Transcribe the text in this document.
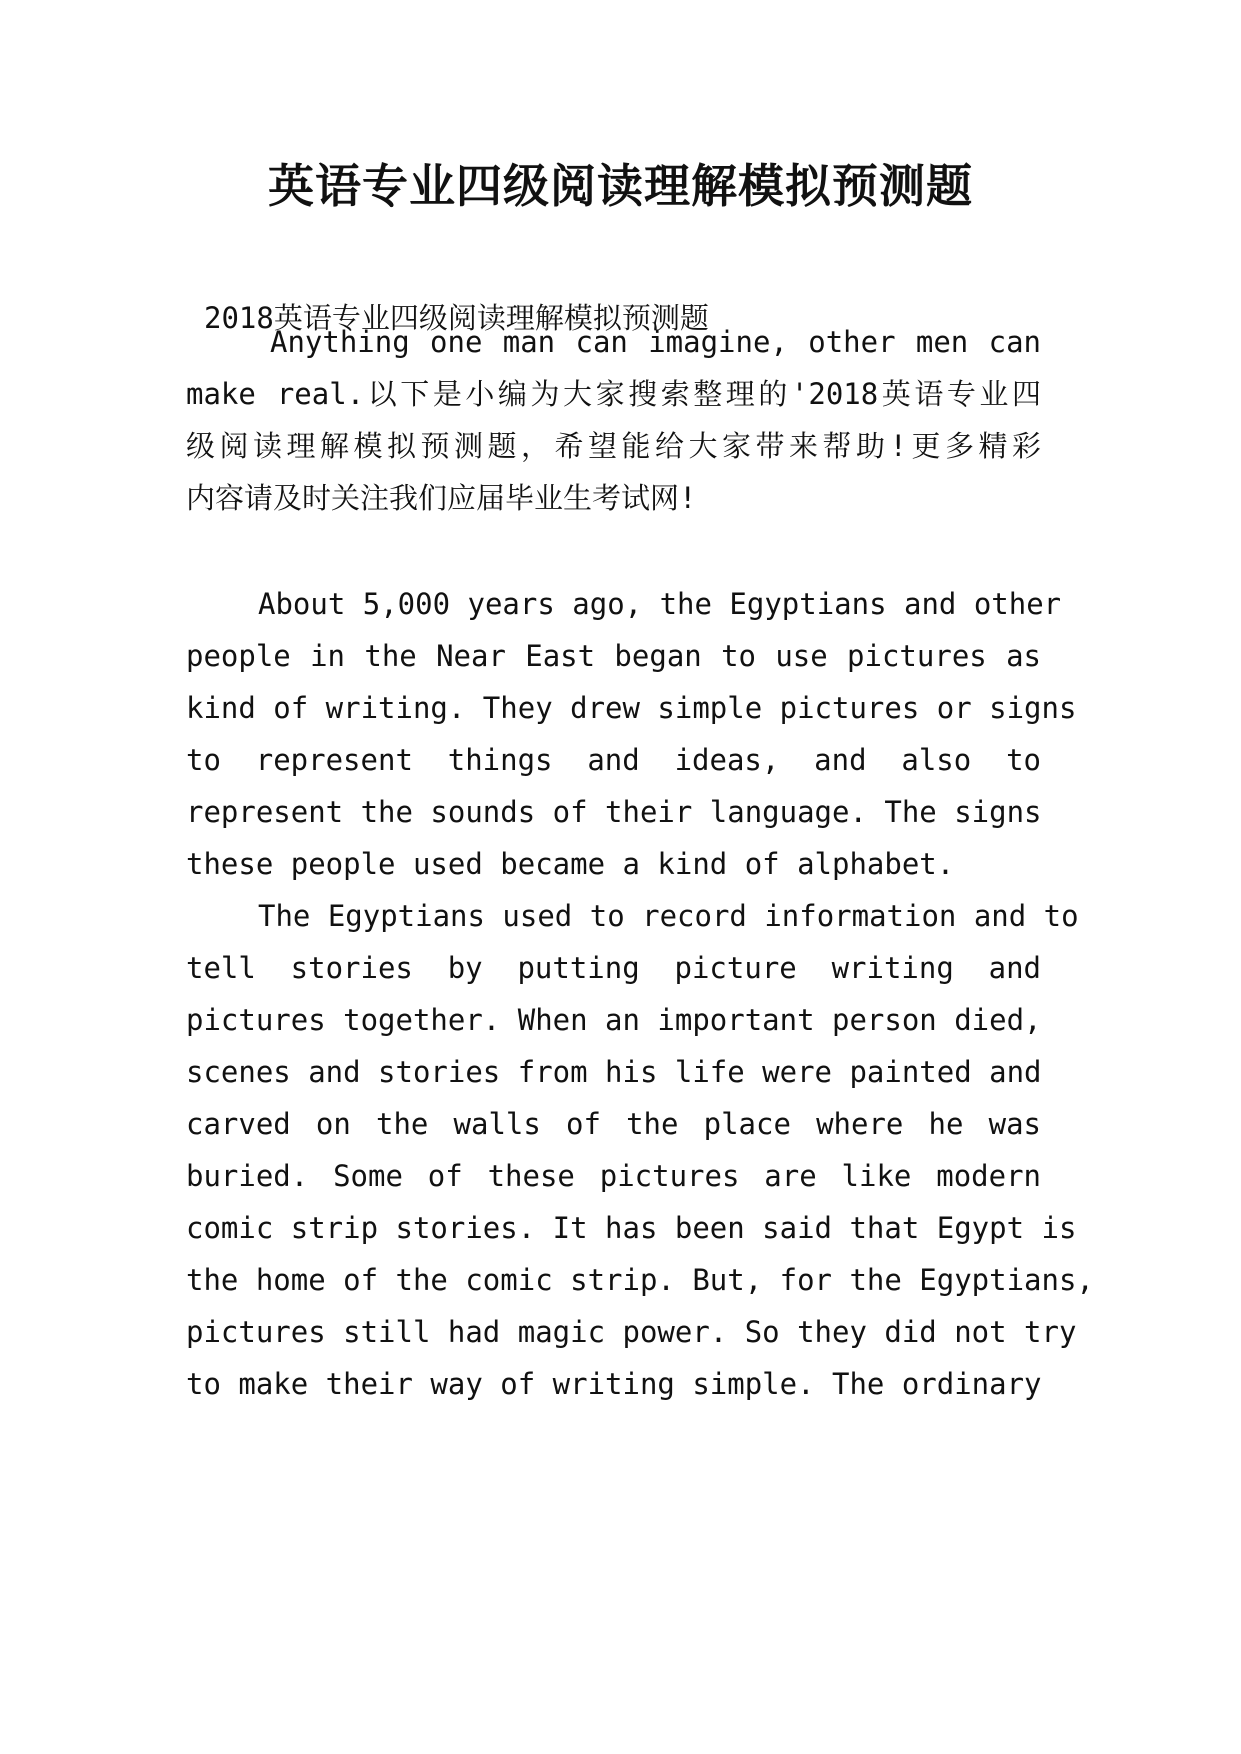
英语专业四级阅读理解模拟预测题
2018英语专业四级阅读理解模拟预测题
Anything one man can imagine, other men can
make real.以下是小编为大家搜索整理的'2018英语专业四
级阅读理解模拟预测题，希望能给大家带来帮助!更多精彩
内容请及时关注我们应届毕业生考试网!
About 5,000 years ago, the Egyptians and other
people in the Near East began to use pictures as
kind of writing. They drew simple pictures or signs
to represent things and ideas, and also to
represent the sounds of their language. The signs
these people used became a kind of alphabet.
The Egyptians used to record information and to
tell stories by putting picture writing and
pictures together. When an important person died,
scenes and stories from his life were painted and
carved on the walls of the place where he was
buried. Some of these pictures are like modern
comic strip stories. It has been said that Egypt is
the home of the comic strip. But, for the Egyptians,
pictures still had magic power. So they did not try
to make their way of writing simple. The ordinary
